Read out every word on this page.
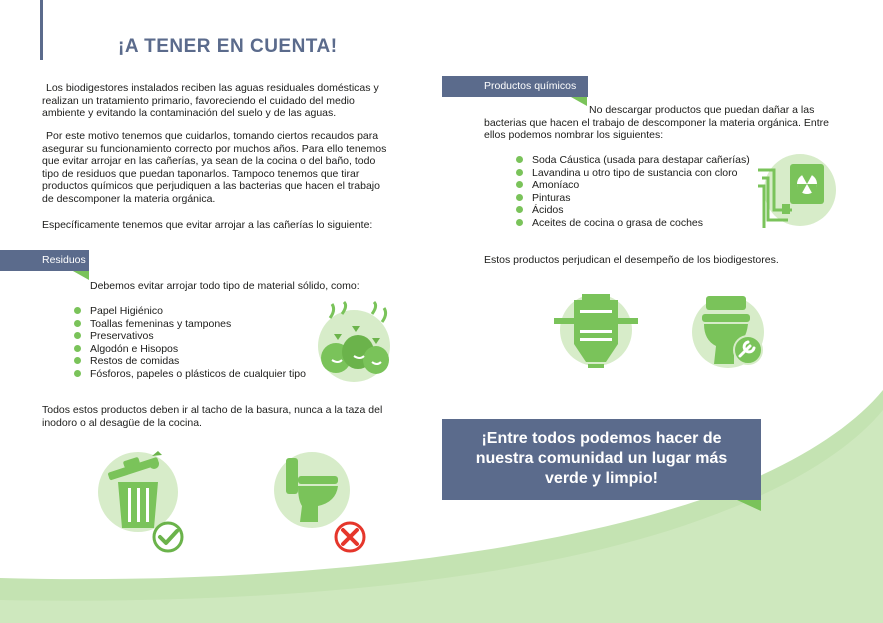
¡A TENER EN CUENTA!
Los biodigestores instalados reciben las aguas residuales domésticas y realizan un tratamiento primario, favoreciendo el cuidado del medio ambiente y evitando la contaminación del suelo y de las aguas.
Por este motivo tenemos que cuidarlos, tomando ciertos recaudos para asegurar su funcionamiento correcto por muchos años. Para ello tenemos que evitar arrojar en las cañerías, ya sean de la cocina o del baño, todo tipo de residuos que puedan taponarlos. Tampoco tenemos que tirar productos químicos que perjudiquen a las bacterias que hacen el trabajo de descomponer la materia orgánica.
Específicamente tenemos que evitar arrojar a las cañerías lo siguiente:
Residuos
Debemos evitar arrojar todo tipo de material sólido, como:
Papel Higiénico
Toallas femeninas y tampones
Preservativos
Algodón e Hisopos
Restos de comidas
Fósforos, papeles o plásticos de cualquier tipo
Todos estos productos deben ir al tacho de la basura, nunca a la taza del inodoro o al desagüe de la cocina.
Productos químicos
No descargar productos que puedan dañar a las bacterias que hacen el trabajo de descomponer la materia orgánica. Entre ellos podemos nombrar los siguientes:
Soda Cáustica (usada para destapar cañerías)
Lavandina u otro tipo de sustancia con cloro
Amoníaco
Pinturas
Ácidos
Aceites de cocina o grasa de coches
Estos productos perjudican el desempeño de los biodigestores.
¡Entre todos podemos hacer de
nuestra comunidad un lugar más
verde y limpio!
